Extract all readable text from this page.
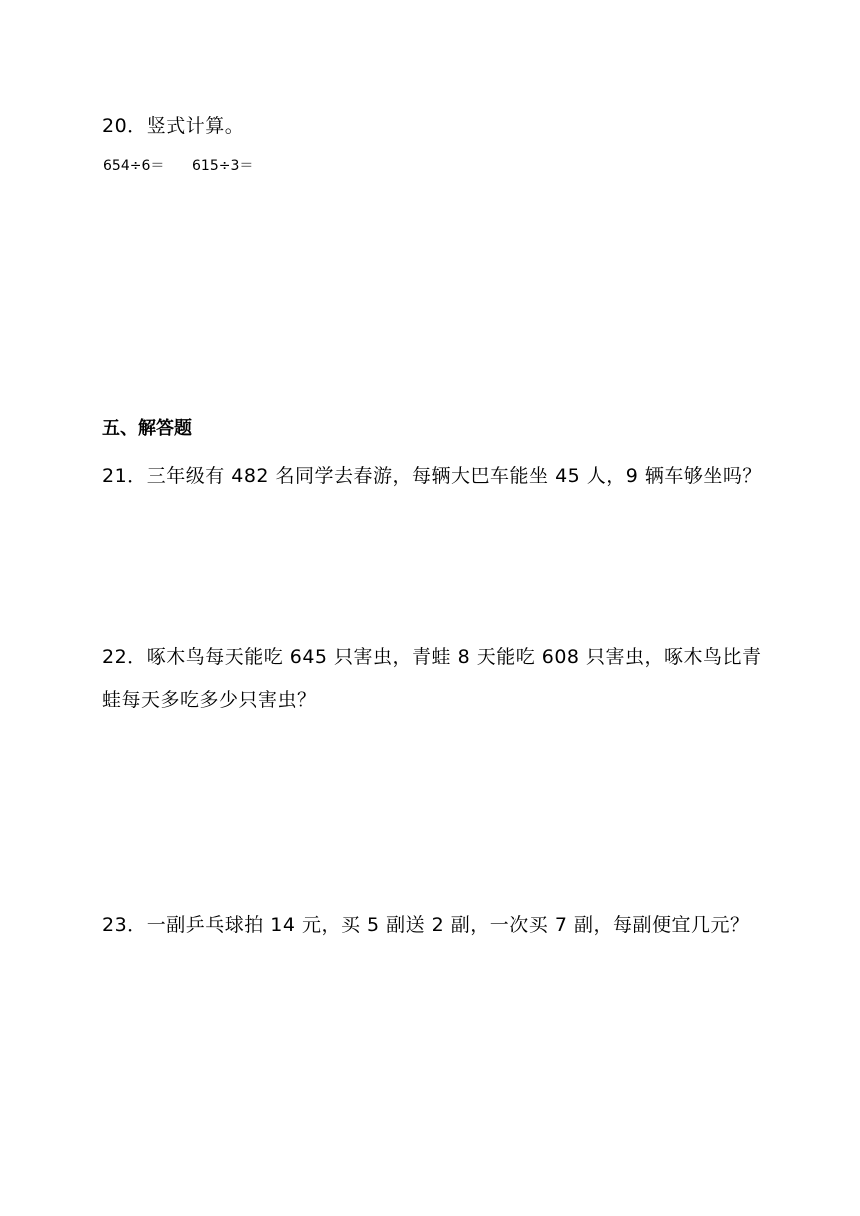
20．竖式计算。
654÷6＝ 615÷3＝
五、解答题
21．三年级有 482 名同学去春游，每辆大巴车能坐 45 人，9 辆车够坐吗？
22．啄木鸟每天能吃 645 只害虫，青蛙 8 天能吃 608 只害虫，啄木鸟比青
蛙每天多吃多少只害虫？
23．一副乒乓球拍 14 元，买 5 副送 2 副，一次买 7 副，每副便宜几元？
